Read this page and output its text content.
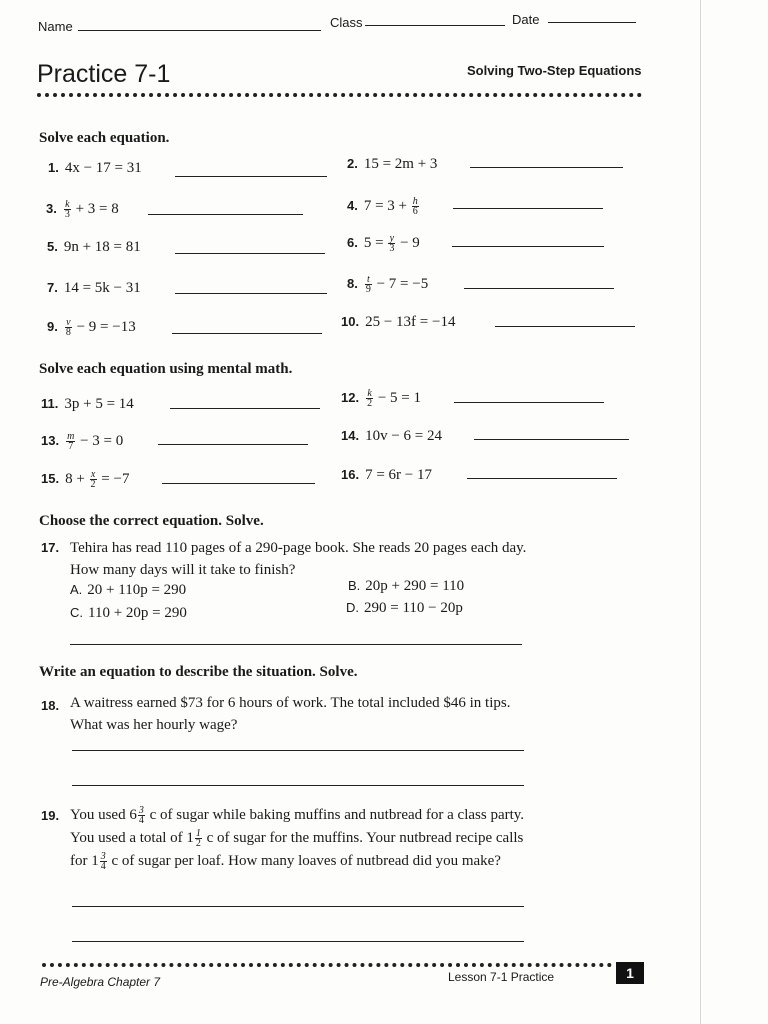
Name	Class	Date
Practice 7-1	Solving Two-Step Equations
Solve each equation.
1. 4x − 17 = 31	2. 15 = 2m + 3
3. $\frac{k}{3} + 3 = 8$	4. $7 = 3 + \frac{h}{6}$
5. 9n + 18 = 81	6. $5 = \frac{y}{3} - 9$
7. 14 = 5k − 31	8. $\frac{t}{9} - 7 = -5$
9. $\frac{v}{8} - 9 = -13$	10. 25 − 13f = −14
Solve each equation using mental math.
11. 3p + 5 = 14	12. $\frac{k}{2} - 5 = 1$
13. $\frac{m}{7} - 3 = 0$	14. 10v − 6 = 24
15. $8 + \frac{x}{2} = -7$	16. 7 = 6r − 17
Choose the correct equation. Solve.
17. Tehira has read 110 pages of a 290-page book. She reads 20 pages each day. How many days will it take to finish?
A. 20 + 110p = 290	B. 20p + 290 = 110
C. 110 + 20p = 290	D. 290 = 110 − 20p
Write an equation to describe the situation. Solve.
18. A waitress earned $73 for 6 hours of work. The total included $46 in tips. What was her hourly wage?
19. You used $6 \frac{3}{4}$ c of sugar while baking muffins and nutbread for a class party. You used a total of $1 \frac{1}{2}$ c of sugar for the muffins. Your nutbread recipe calls for $1 \frac{3}{4}$ c of sugar per loaf. How many loaves of nutbread did you make?
Pre-Algebra Chapter 7	Lesson 7-1 Practice	1
